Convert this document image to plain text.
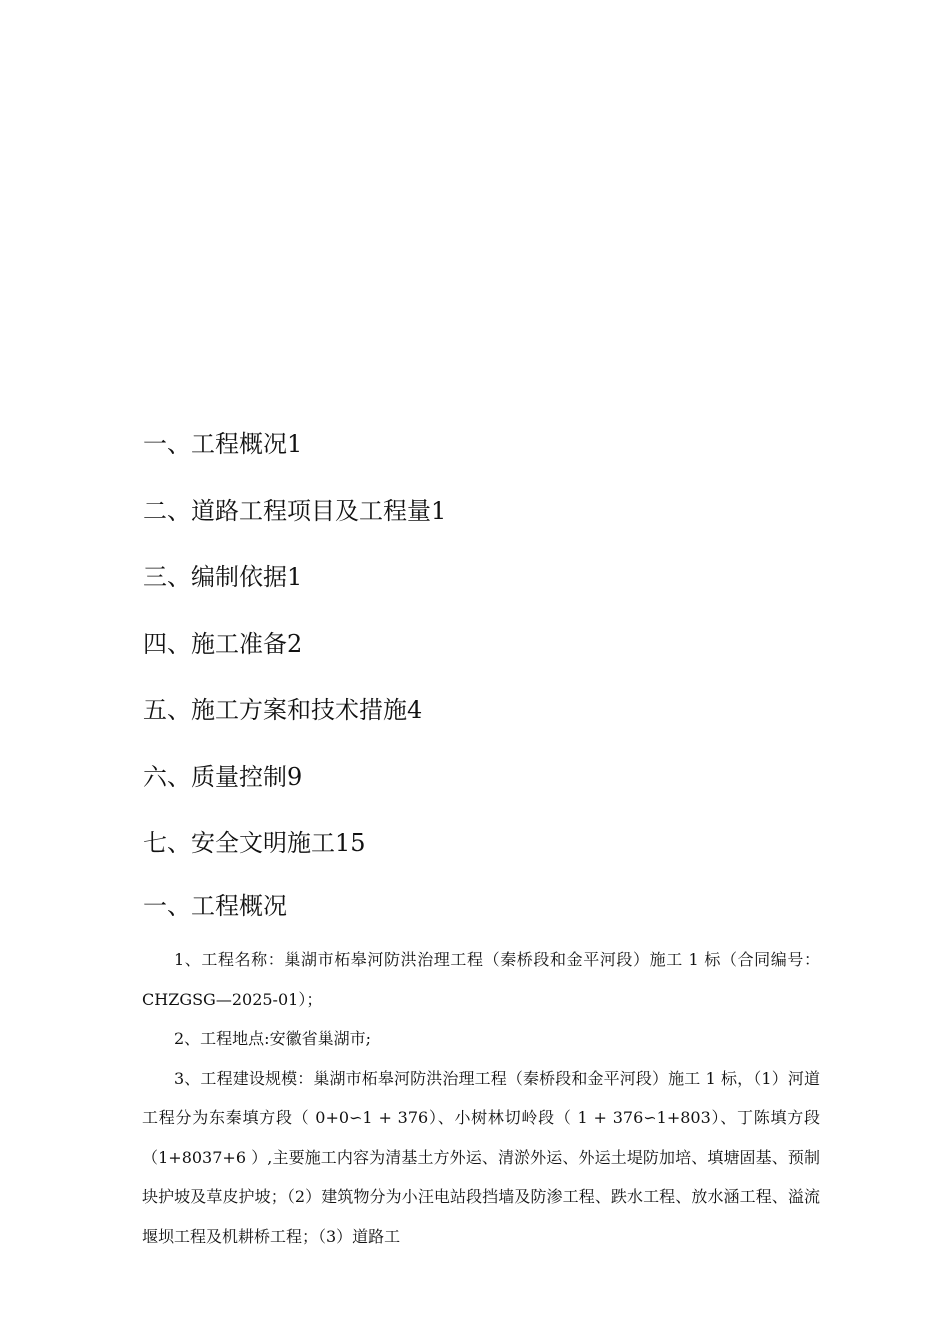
一、工程概况1
二、道路工程项目及工程量1
三、编制依据1
四、施工准备2
五、施工方案和技术措施4
六、质量控制9
七、安全文明施工15
一、工程概况

1、工程名称：巢湖市柘皋河防洪治理工程（秦桥段和金平河段）施工 1 标（合同编号：CHZGSG—2025-01）；

2、工程地点:安徽省巢湖市;

3、工程建设规模：巢湖市柘皋河防洪治理工程（秦桥段和金平河段）施工 1 标，（1）河道工程分为东秦填方段（ 0+0∽1 + 376）、小树林切岭段（ 1 + 376∽1+803）、丁陈填方段（1+8037+6 ）,主要施工内容为清基土方外运、清淤外运、外运土堤防加培、填塘固基、预制块护坡及草皮护坡；（2）建筑物分为小汪电站段挡墙及防渗工程、跌水工程、放水涵工程、溢流堰坝工程及机耕桥工程；（3）道路工
